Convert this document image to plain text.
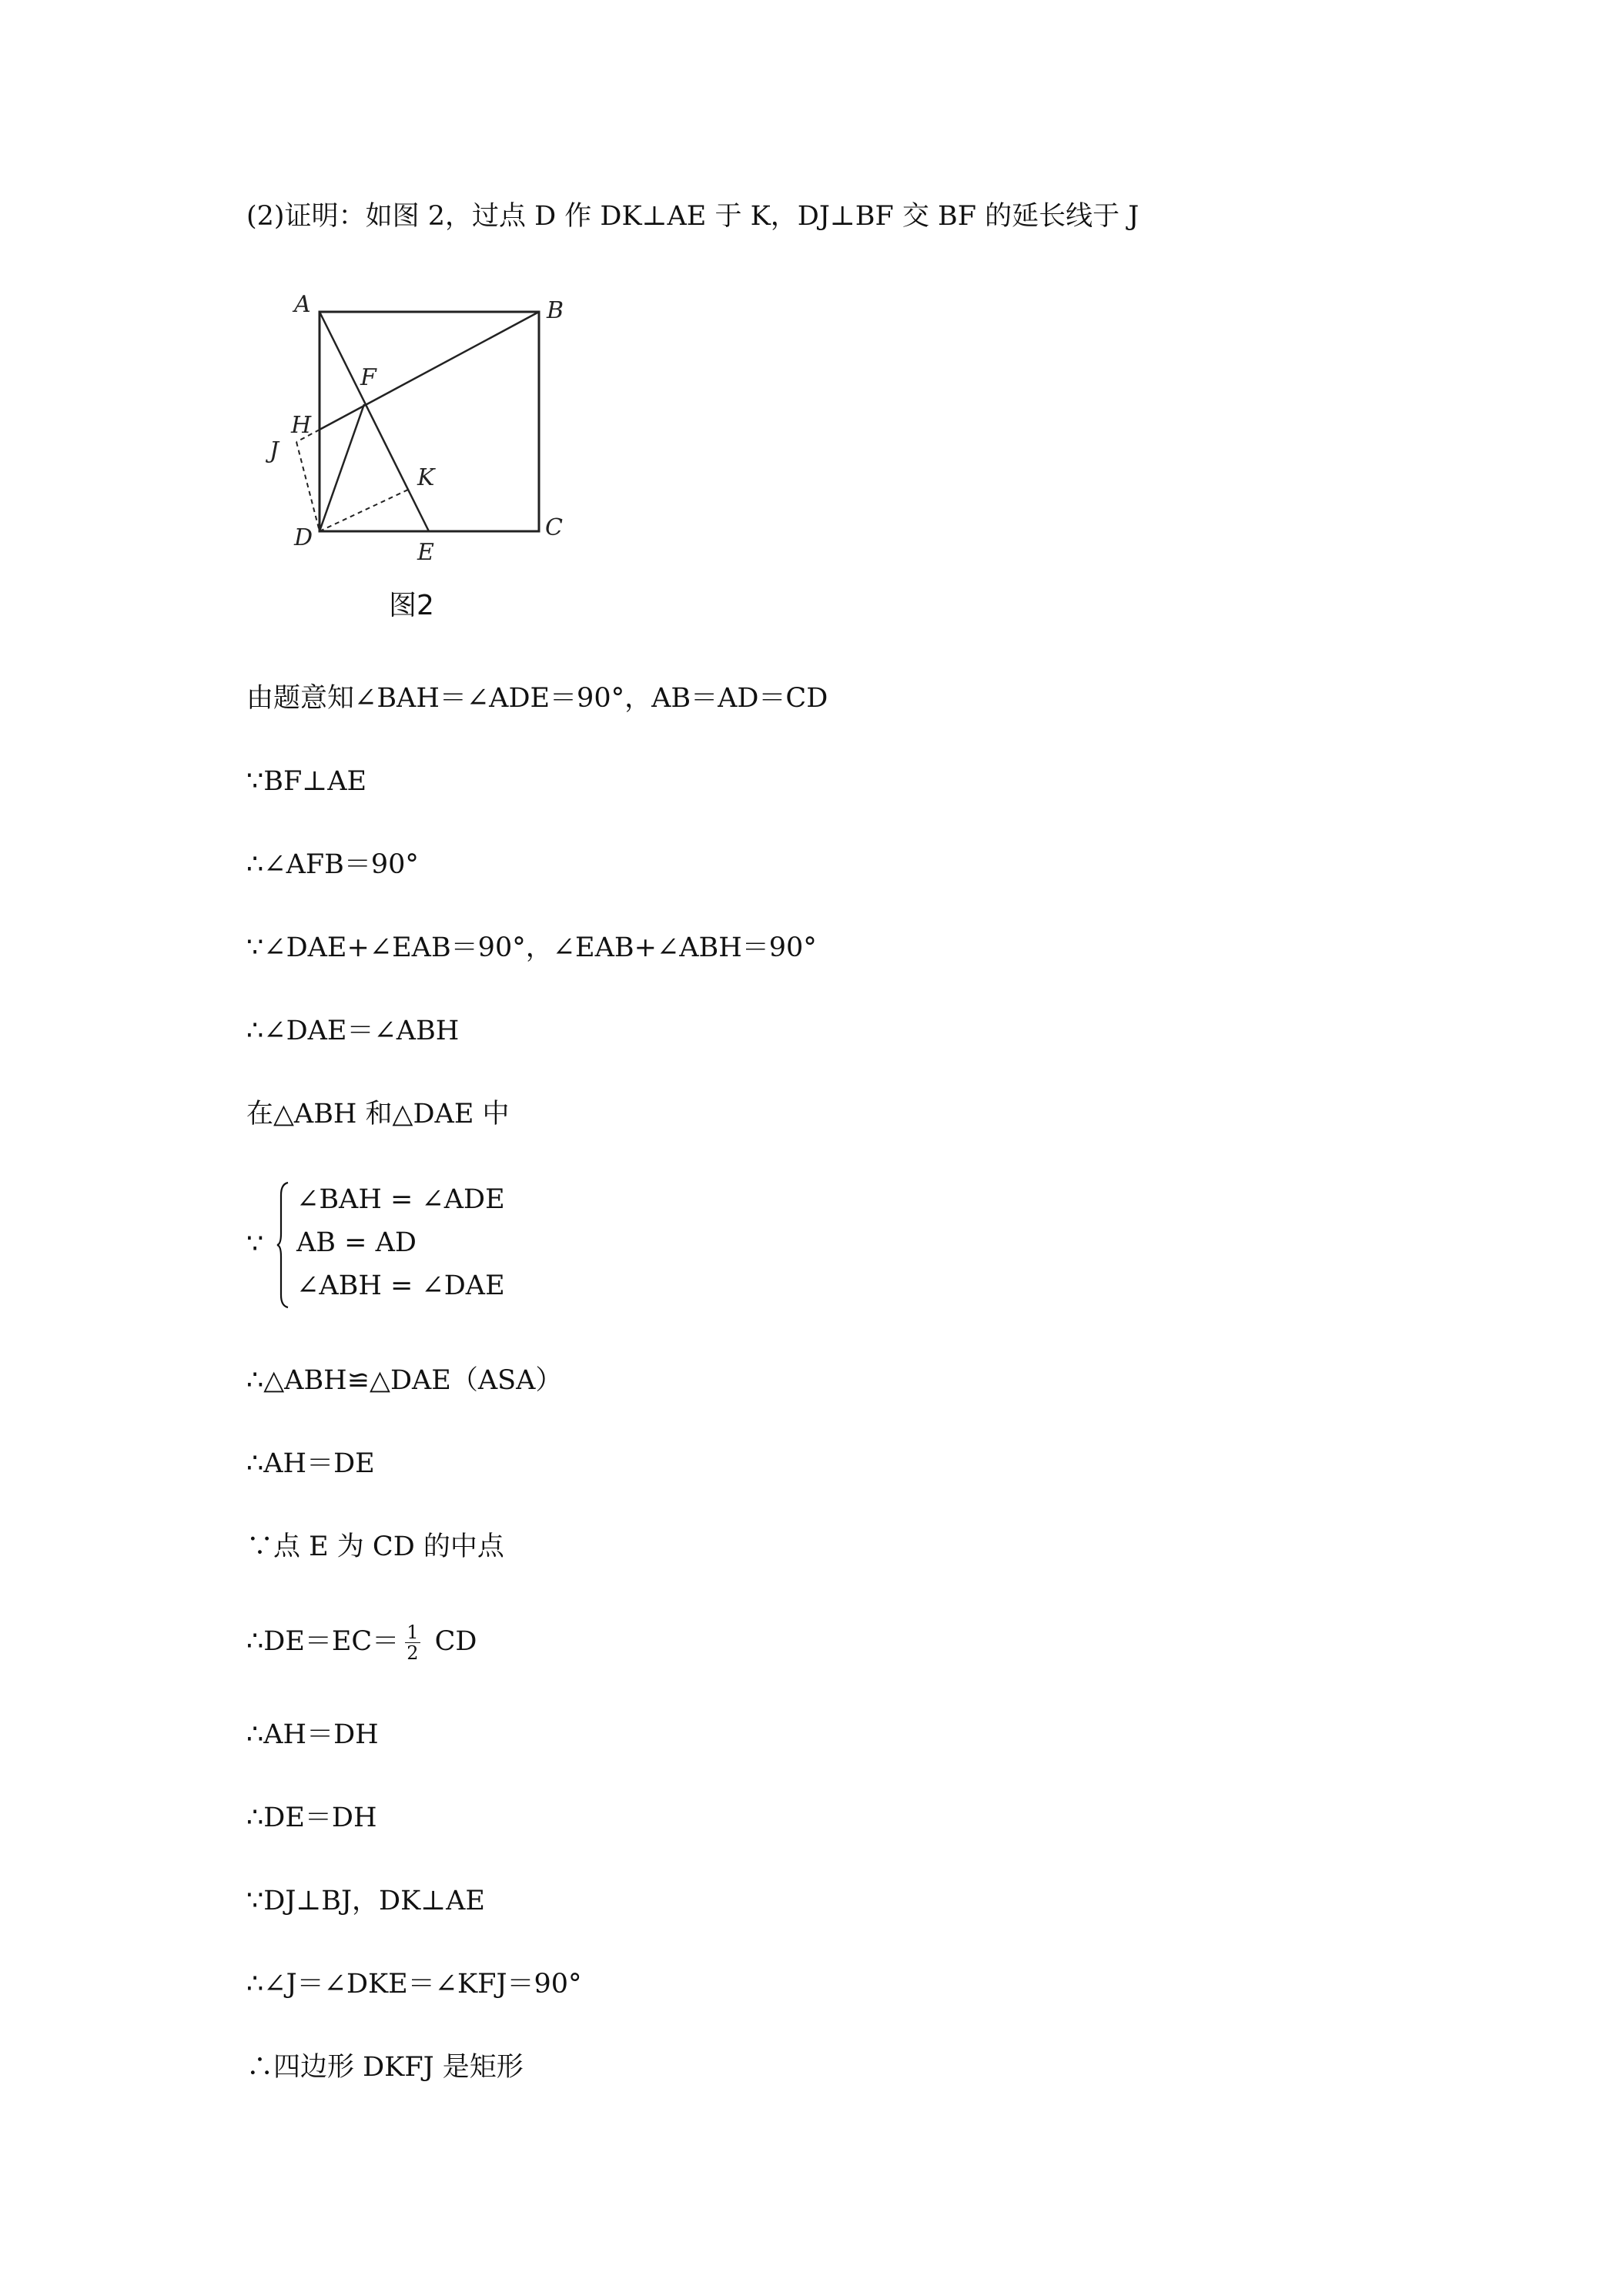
(2)证明：如图 2，过点 D 作 DK⊥AE 于 K，DJ⊥BF 交 BF 的延长线于 J
A	B
C
D
E
F
H
J
K
图2
由题意知∠BAH＝∠ADE＝90°，AB＝AD＝CD
∵BF⊥AE
∴∠AFB＝90°
∵∠DAE+∠EAB＝90°，∠EAB+∠ABH＝90°
∴∠DAE＝∠ABH
在△ABH 和△DAE 中
∵
∠BAH = ∠ADE
AB = AD
∠ABH = ∠DAE
∴△ABH≌△DAE（ASA）
∴AH＝DE
∵点 E 为 CD 的中点
∴DE＝EC＝ $\frac{1}{2}$ CD
∴AH＝DH
∴DE＝DH
∵DJ⊥BJ，DK⊥AE
∴∠J＝∠DKE＝∠KFJ＝90°
∴四边形 DKFJ 是矩形
